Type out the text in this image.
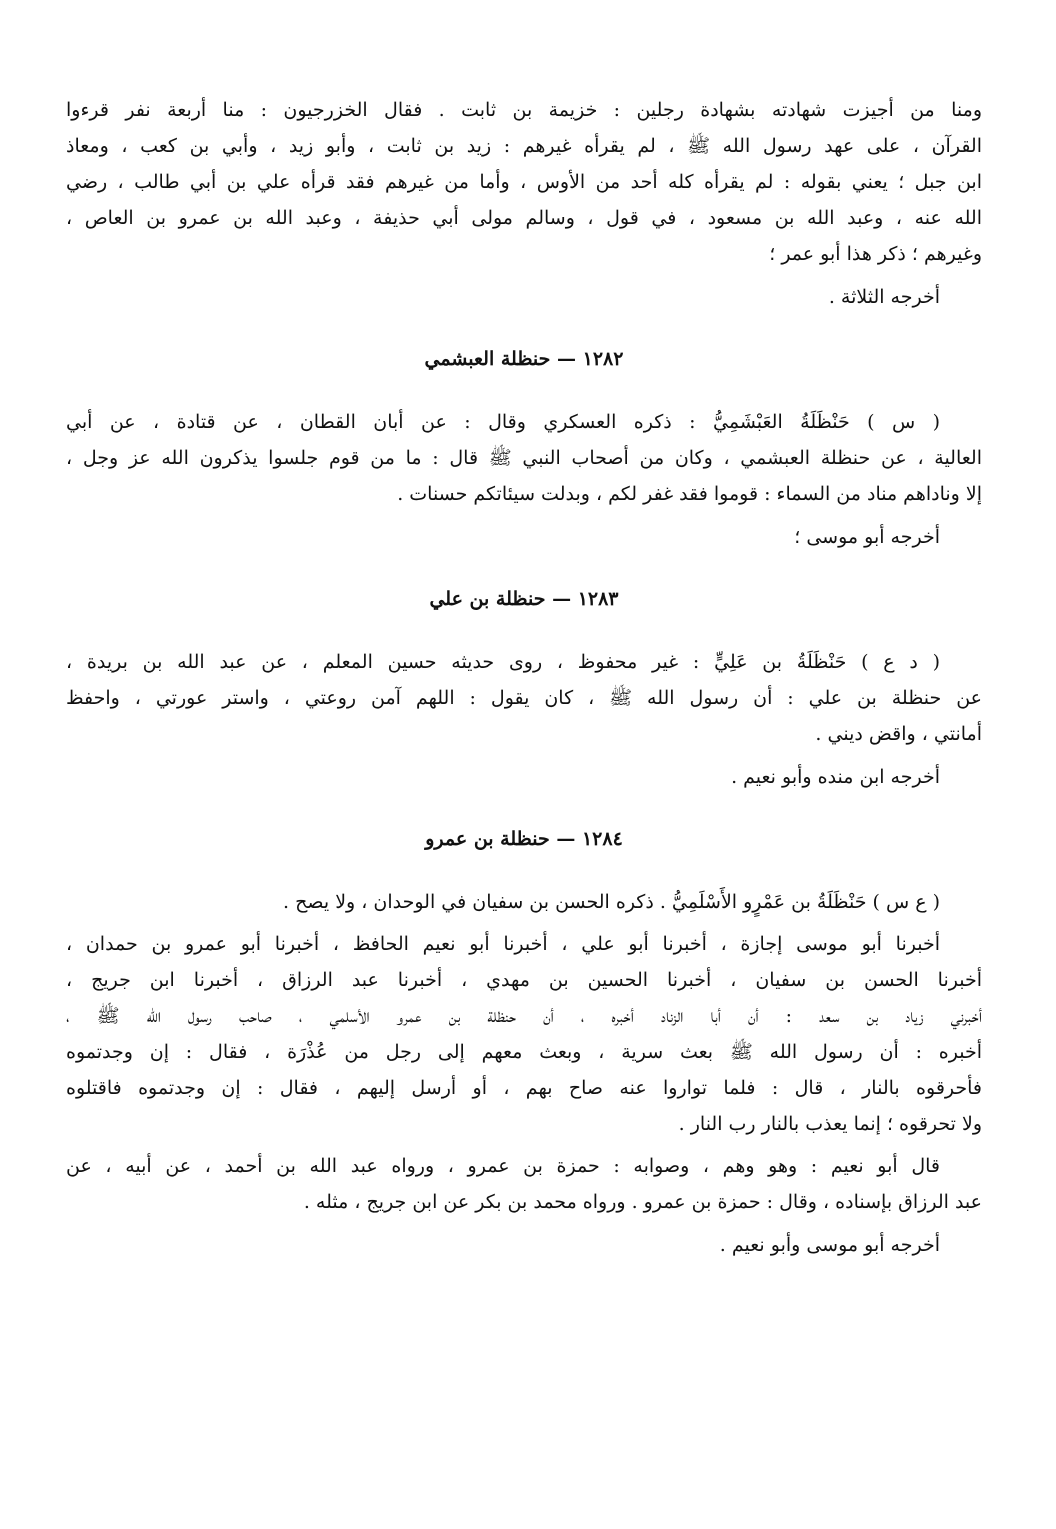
ومنا من أجيزت شهادته بشهادة رجلين : خزيمة بن ثابت . فقال الخزرجيون : منا أربعة نفر قرءوا
القرآن ، على عهد رسول الله ﷺ ، لم يقرأه غيرهم : زيد بن ثابت ، وأبو زيد ، وأبي بن كعب ، ومعاذ
ابن جبل ؛ يعني بقوله : لم يقرأه كله أحد من الأوس ، وأما من غيرهم فقد قرأه علي بن أبي طالب ، رضي
الله عنه ، وعبد الله بن مسعود ، في قول ، وسالم مولى أبي حذيفة ، وعبد الله بن عمرو بن العاص ،
وغيرهم ؛ ذكر هذا أبو عمر ؛

أخرجه الثلاثة .

١٢٨٢ — حنظلة العبشمي
( س ) حَنْظَلَةُ العَبْشَمِيُّ : ذكره العسكري وقال : عن أبان القطان ، عن قتادة ، عن أبي
العالية ، عن حنظلة العبشمي ، وكان من أصحاب النبي ﷺ قال : ما من قوم جلسوا يذكرون الله عز وجل ،
إلا وناداهم مناد من السماء : قوموا فقد غفر لكم ، وبدلت سيئاتكم حسنات .

أخرجه أبو موسى ؛

١٢٨٣ — حنظلة بن علي
( د ع ) حَنْظَلَةُ بن عَلِيٍّ : غير محفوظ ، روى حديثه حسين المعلم ، عن عبد الله بن بريدة ،
عن حنظلة بن علي : أن رسول الله ﷺ ، كان يقول : اللهم آمن روعتي ، واستر عورتي ، واحفظ
أمانتي ، واقض ديني .

أخرجه ابن منده وأبو نعيم .

١٢٨٤ — حنظلة بن عمرو
( ع س ) حَنْظَلَةُ بن عَمْرٍو الأَسْلَمِيُّ . ذكره الحسن بن سفيان في الوحدان ، ولا يصح .
أخبرنا أبو موسى إجازة ، أخبرنا أبو علي ، أخبرنا أبو نعيم الحافظ ، أخبرنا أبو عمرو بن حمدان ،
أخبرنا الحسن بن سفيان ، أخبرنا الحسين بن مهدي ، أخبرنا عبد الرزاق ، أخبرنا ابن جريج ،
أخبرني زياد بن سعد : أن أبا الزناد أخبره ، أن حنظلة بن عمرو الأسلمي ، صاحب رسول الله ﷺ ،
أخبره : أن رسول الله ﷺ بعث سرية ، وبعث معهم إلى رجل من عُذْرَة ، فقال : إن وجدتموه
فأحرقوه بالنار ، قال : فلما تواروا عنه صاح بهم ، أو أرسل إليهم ، فقال : إن وجدتموه فاقتلوه
ولا تحرقوه ؛ إنما يعذب بالنار رب النار .
قال أبو نعيم : وهو وهم ، وصوابه : حمزة بن عمرو ، ورواه عبد الله بن أحمد ، عن أبيه ، عن
عبد الرزاق بإسناده ، وقال : حمزة بن عمرو . ورواه محمد بن بكر عن ابن جريج ، مثله .

أخرجه أبو موسى وأبو نعيم .
